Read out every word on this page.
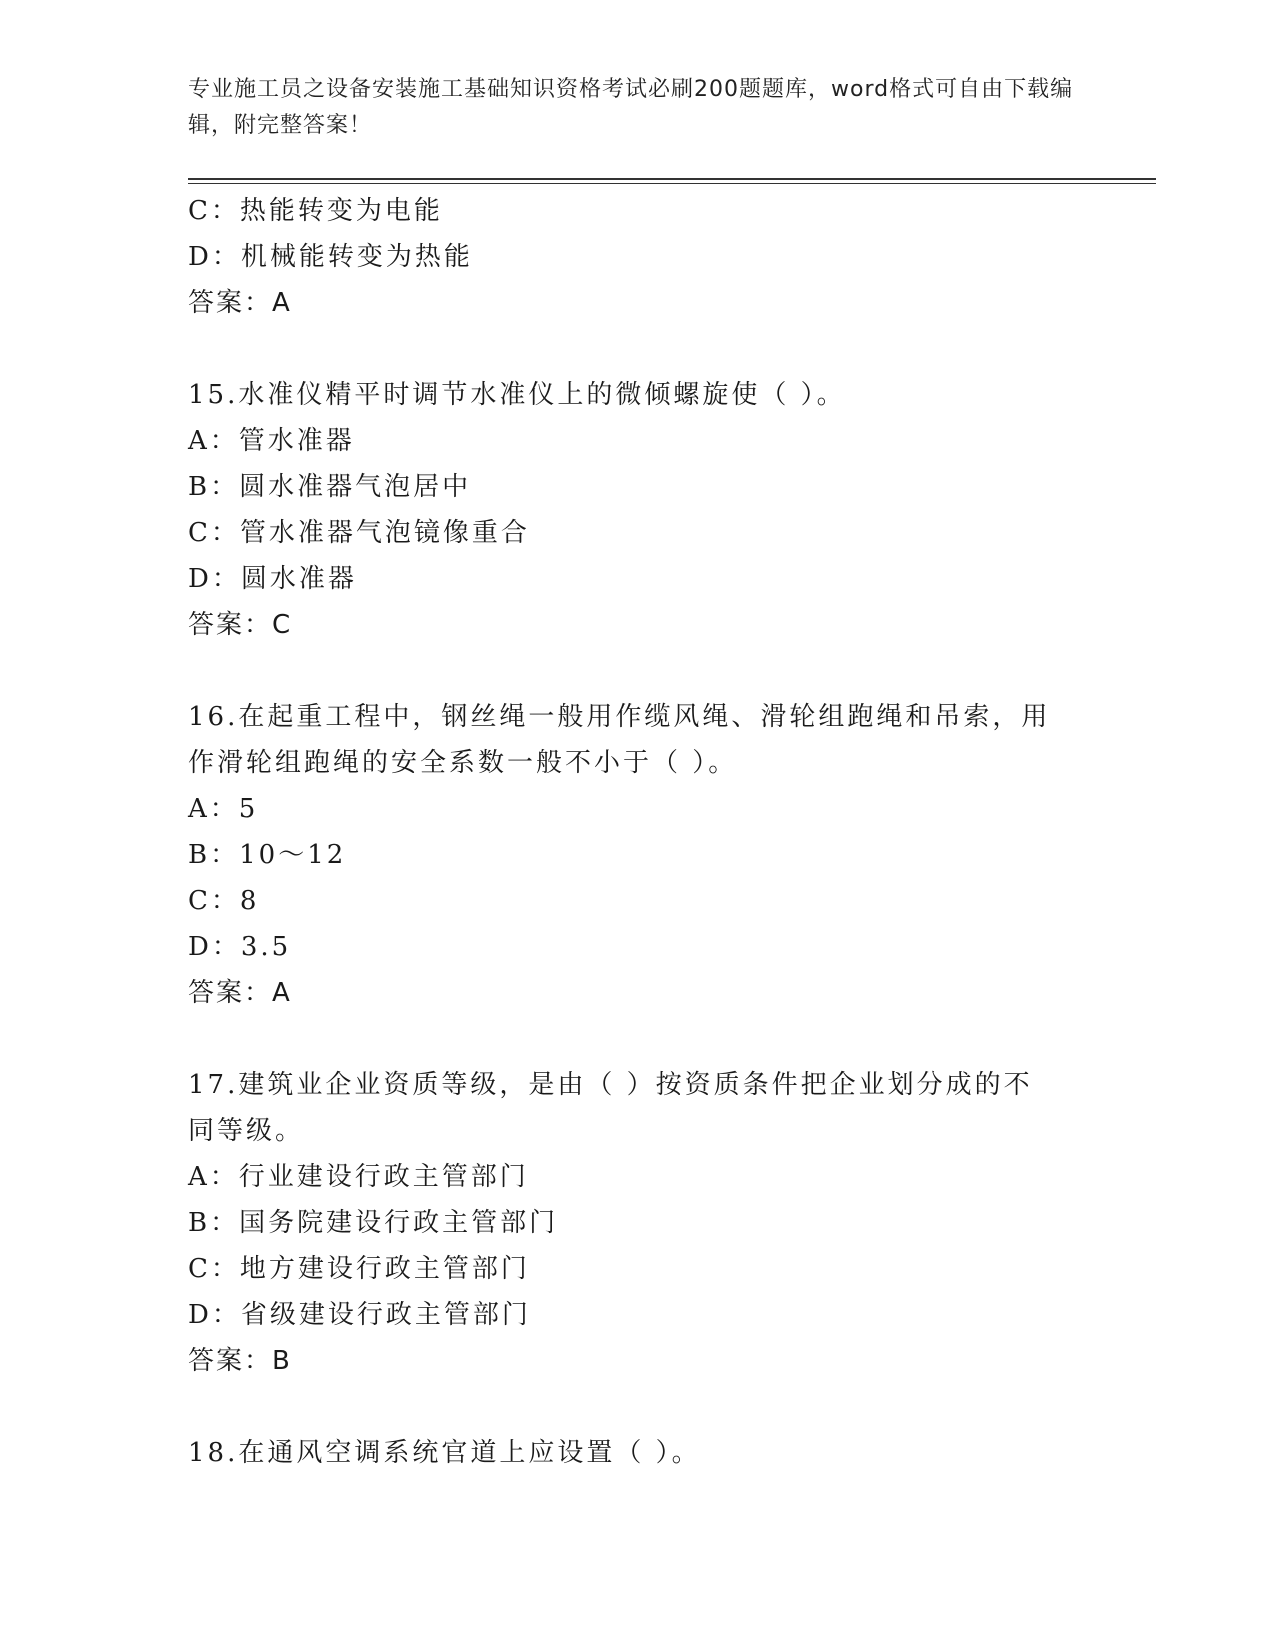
专业施工员之设备安装施工基础知识资格考试必刷200题题库，word格式可自由下载编辑，附完整答案！
C：热能转变为电能
D：机械能转变为热能
答案：A
15.水准仪精平时调节水准仪上的微倾螺旋使（ ）。
A：管水准器
B：圆水准器气泡居中
C：管水准器气泡镜像重合
D：圆水准器
答案：C
16.在起重工程中，钢丝绳一般用作缆风绳、滑轮组跑绳和吊索，用作滑轮组跑绳的安全系数一般不小于（ ）。
A：5
B：10～12
C：8
D：3.5
答案：A
17.建筑业企业资质等级，是由（ ）按资质条件把企业划分成的不同等级。
A：行业建设行政主管部门
B：国务院建设行政主管部门
C：地方建设行政主管部门
D：省级建设行政主管部门
答案：B
18.在通风空调系统官道上应设置（ ）。
